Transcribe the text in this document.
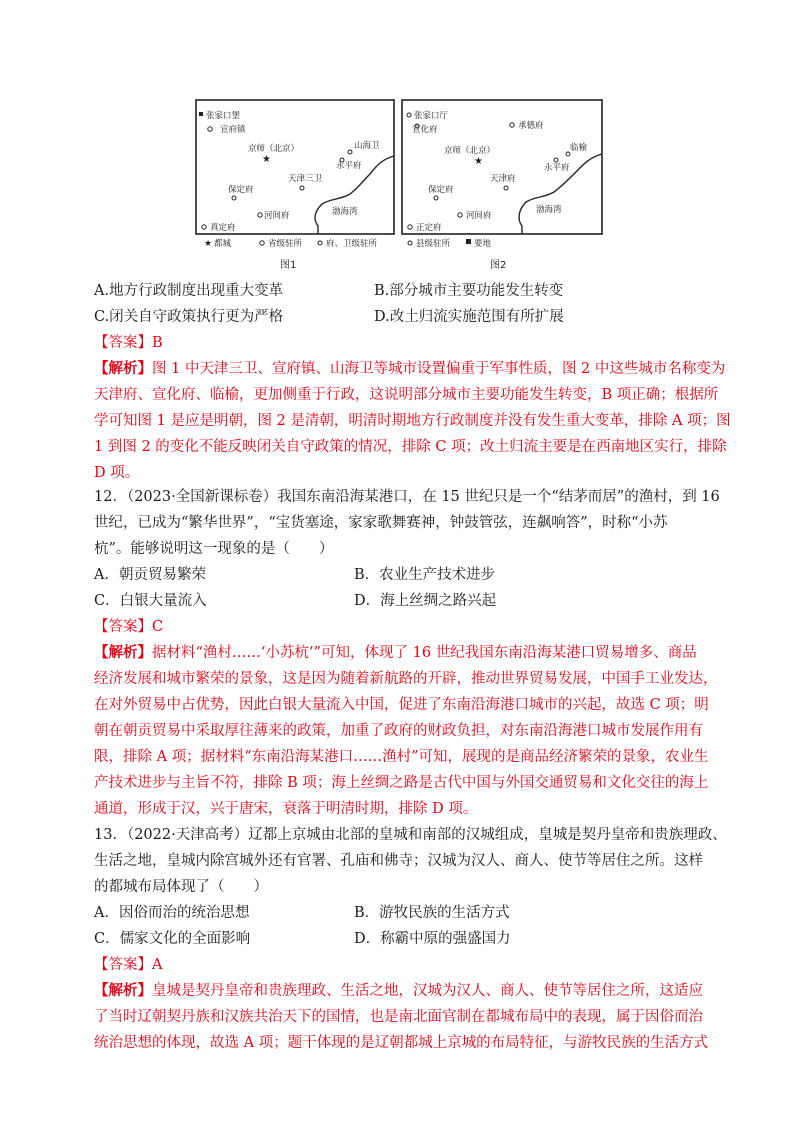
张家口堡
宣府镇
京师（北京）
★
山海卫
永平府
天津三卫
保定府
渤海湾
河间府
真定府
★ 都城	省级驻所	府、卫级驻所
图1
张家口厅
宣化府	承德府
临榆
京师（北京）
★
永平府
天津府
保定府
渤海湾
河间府
正定府
县级驻所	要地
图2
A.地方行政制度出现重大变革	B.部分城市主要功能发生转变
C.闭关自守政策执行更为严格	D.改土归流实施范围有所扩展
【答案】B
【解析】图 1 中天津三卫、宣府镇、山海卫等城市设置偏重于军事性质，图 2 中这些城市名称变为
天津府、宣化府、临榆，更加侧重于行政，这说明部分城市主要功能发生转变，B 项正确；根据所
学可知图 1 是应是明朝，图 2 是清朝，明清时期地方行政制度并没有发生重大变革，排除 A 项；图
1 到图 2 的变化不能反映闭关自守政策的情况，排除 C 项；改土归流主要是在西南地区实行，排除
D 项。
12．（2023·全国新课标卷）我国东南沿海某港口，在 15 世纪只是一个“结茅而居”的渔村，到 16
世纪，已成为“繁华世界”，“宝货塞途，家家歌舞赛神，钟鼓管弦，连飙响答”，时称“小苏
杭”。能够说明这一现象的是（　　）
A．朝贡贸易繁荣	B．农业生产技术进步
C．白银大量流入	D．海上丝绸之路兴起
【答案】C
【解析】据材料“渔村……‘小苏杭’”可知，体现了 16 世纪我国东南沿海某港口贸易增多、商品
经济发展和城市繁荣的景象，这是因为随着新航路的开辟，推动世界贸易发展，中国手工业发达，
在对外贸易中占优势，因此白银大量流入中国，促进了东南沿海港口城市的兴起，故选 C 项；明
朝在朝贡贸易中采取厚往薄来的政策，加重了政府的财政负担，对东南沿海港口城市发展作用有
限，排除 A 项；据材料“东南沿海某港口……渔村”可知，展现的是商品经济繁荣的景象，农业生
产技术进步与主旨不符，排除 B 项；海上丝绸之路是古代中国与外国交通贸易和文化交往的海上
通道，形成于汉，兴于唐宋，衰落于明清时期，排除 D 项。
13．（2022·天津高考）辽都上京城由北部的皇城和南部的汉城组成，皇城是契丹皇帝和贵族理政、
生活之地，皇城内除宫城外还有官署、孔庙和佛寺；汉城为汉人、商人、使节等居住之所。这样
的都城布局体现了（　　）
A．因俗而治的统治思想	B．游牧民族的生活方式
C．儒家文化的全面影响	D．称霸中原的强盛国力
【答案】A
【解析】皇城是契丹皇帝和贵族理政、生活之地，汉城为汉人、商人、使节等居住之所，这适应
了当时辽朝契丹族和汉族共治天下的国情，也是南北面官制在都城布局中的表现，属于因俗而治
统治思想的体现，故选 A 项；题干体现的是辽朝都城上京城的布局特征，与游牧民族的生活方式
